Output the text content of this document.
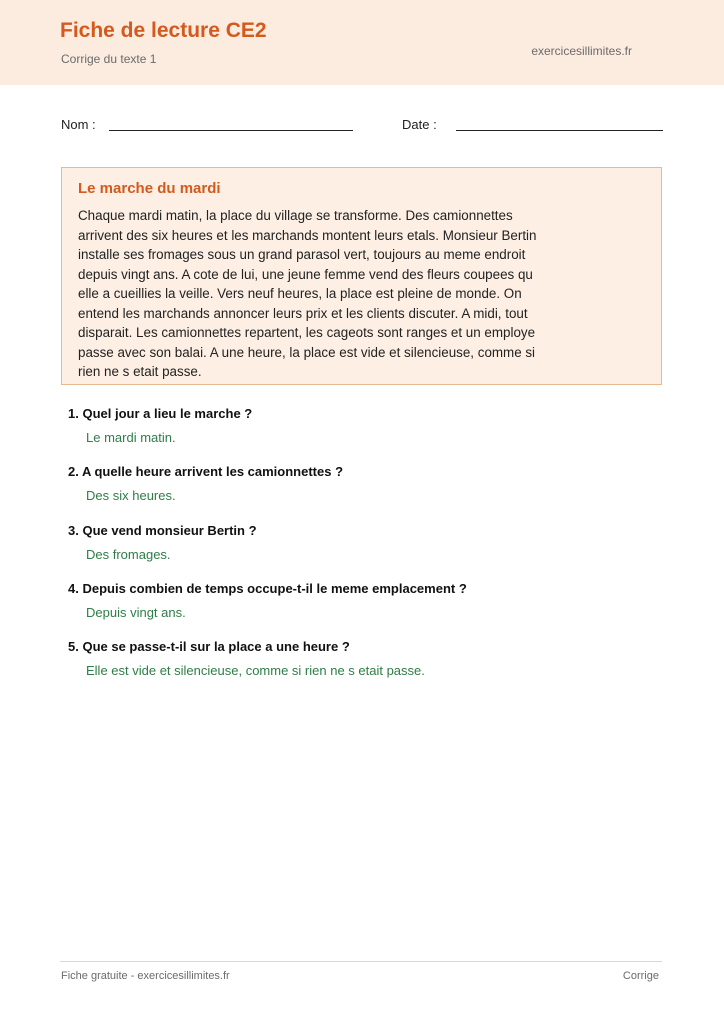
Fiche de lecture CE2
Corrige du texte 1
exercicesillimites.fr
Nom :	Date :
Le marche du mardi

Chaque mardi matin, la place du village se transforme. Des camionnettes arrivent des six heures et les marchands montent leurs etals. Monsieur Bertin installe ses fromages sous un grand parasol vert, toujours au meme endroit depuis vingt ans. A cote de lui, une jeune femme vend des fleurs coupees qu elle a cueillies la veille. Vers neuf heures, la place est pleine de monde. On entend les marchands annoncer leurs prix et les clients discuter. A midi, tout disparait. Les camionnettes repartent, les cageots sont ranges et un employe passe avec son balai. A une heure, la place est vide et silencieuse, comme si rien ne s etait passe.

1. Quel jour a lieu le marche ?
Le mardi matin.
2. A quelle heure arrivent les camionnettes ?
Des six heures.
3. Que vend monsieur Bertin ?
Des fromages.
4. Depuis combien de temps occupe-t-il le meme emplacement ?
Depuis vingt ans.
5. Que se passe-t-il sur la place a une heure ?
Elle est vide et silencieuse, comme si rien ne s etait passe.
Fiche gratuite - exercicesillimites.fr	Corrige
